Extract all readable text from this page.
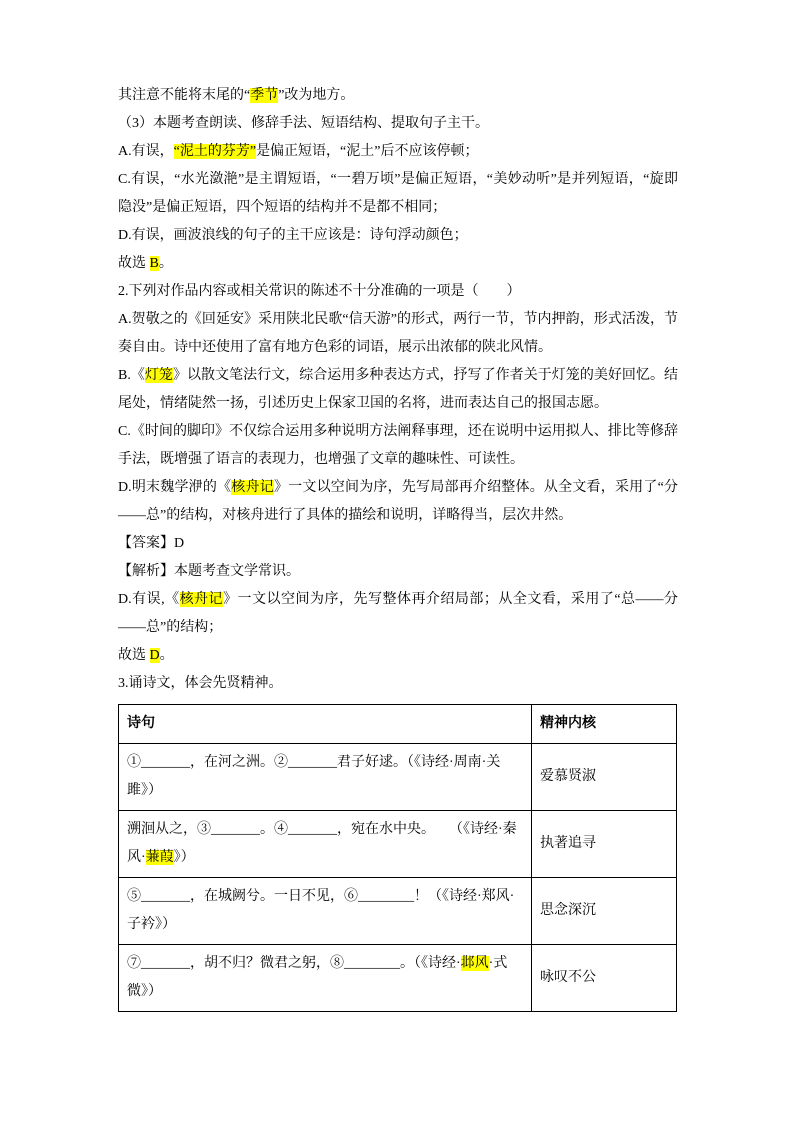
其注意不能将末尾的“季节”改为地方。

（3）本题考查朗读、修辞手法、短语结构、提取句子主干。

A.有误，“泥土的芬芳”是偏正短语，“泥土”后不应该停顿；

C.有误，“水光潋滟”是主谓短语，“一碧万顷”是偏正短语，“美妙动听”是并列短语，“旋即隐没”是偏正短语，四个短语的结构并不是都不相同；

D.有误，画波浪线的句子的主干应该是：诗句浮动颜色；

故选 B。

2.下列对作品内容或相关常识的陈述不十分准确的一项是（　　）

A.贺敬之的《回延安》采用陕北民歌“信天游”的形式，两行一节，节内押韵，形式活泼，节奏自由。诗中还使用了富有地方色彩的词语，展示出浓郁的陕北风情。

B.《灯笼》以散文笔法行文，综合运用多种表达方式，抒写了作者关于灯笼的美好回忆。结尾处，情绪陡然一扬，引述历史上保家卫国的名将，进而表达自己的报国志愿。

C.《时间的脚印》不仅综合运用多种说明方法阐释事理，还在说明中运用拟人、排比等修辞手法，既增强了语言的表现力，也增强了文章的趣味性、可读性。

D.明末魏学洢的《核舟记》一文以空间为序，先写局部再介绍整体。从全文看，采用了“分——总”的结构，对核舟进行了具体的描绘和说明，详略得当，层次井然。

【答案】D

【解析】本题考查文学常识。

D.有误,《核舟记》一文以空间为序，先写整体再介绍局部；从全文看，采用了“总——分——总”的结构；

故选 D。

3.诵诗文，体会先贤精神。

诗句	精神内核
①_______，在河之洲。②_______君子好逑。（《诗经·周南·关雎》）	爱慕贤淑
溯洄从之，③_______。④_______，宛在水中央。　　（《诗经·秦风·蒹葭》）	执著追寻
⑤_______，在城阙兮。一日不见，⑥________！（《诗经·郑风·子衿》）	思念深沉
⑦_______，胡不归？微君之躬，⑧________。（《诗经·邶风·式微》）	咏叹不公
